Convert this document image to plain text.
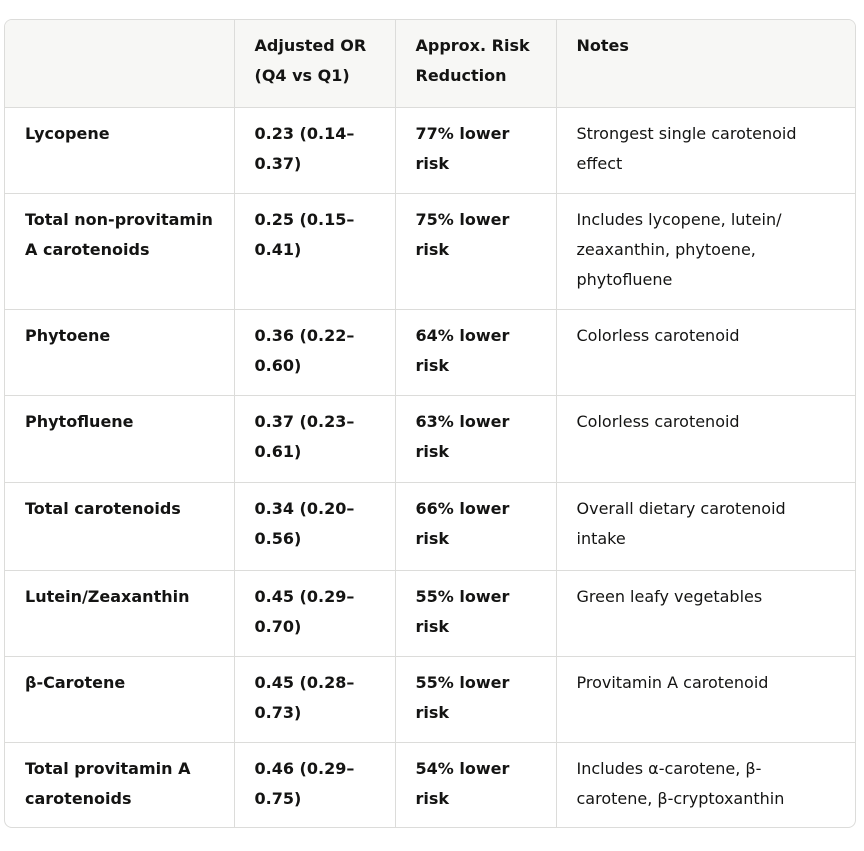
	Adjusted OR (Q4 vs Q1)	Approx. Risk Reduction	Notes
Lycopene	0.23 (0.14–0.37)	77% lower risk	Strongest single carotenoid effect
Total non-provitamin A carotenoids	0.25 (0.15–0.41)	75% lower risk	Includes lycopene, lutein/ zeaxanthin, phytoene, phytofluene
Phytoene	0.36 (0.22–0.60)	64% lower risk	Colorless carotenoid
Phytofluene	0.37 (0.23–0.61)	63% lower risk	Colorless carotenoid
Total carotenoids	0.34 (0.20–0.56)	66% lower risk	Overall dietary carotenoid intake
Lutein/Zeaxanthin	0.45 (0.29–0.70)	55% lower risk	Green leafy vegetables
β-Carotene	0.45 (0.28–0.73)	55% lower risk	Provitamin A carotenoid
Total provitamin A carotenoids	0.46 (0.29–0.75)	54% lower risk	Includes α-carotene, β-carotene, β-cryptoxanthin
